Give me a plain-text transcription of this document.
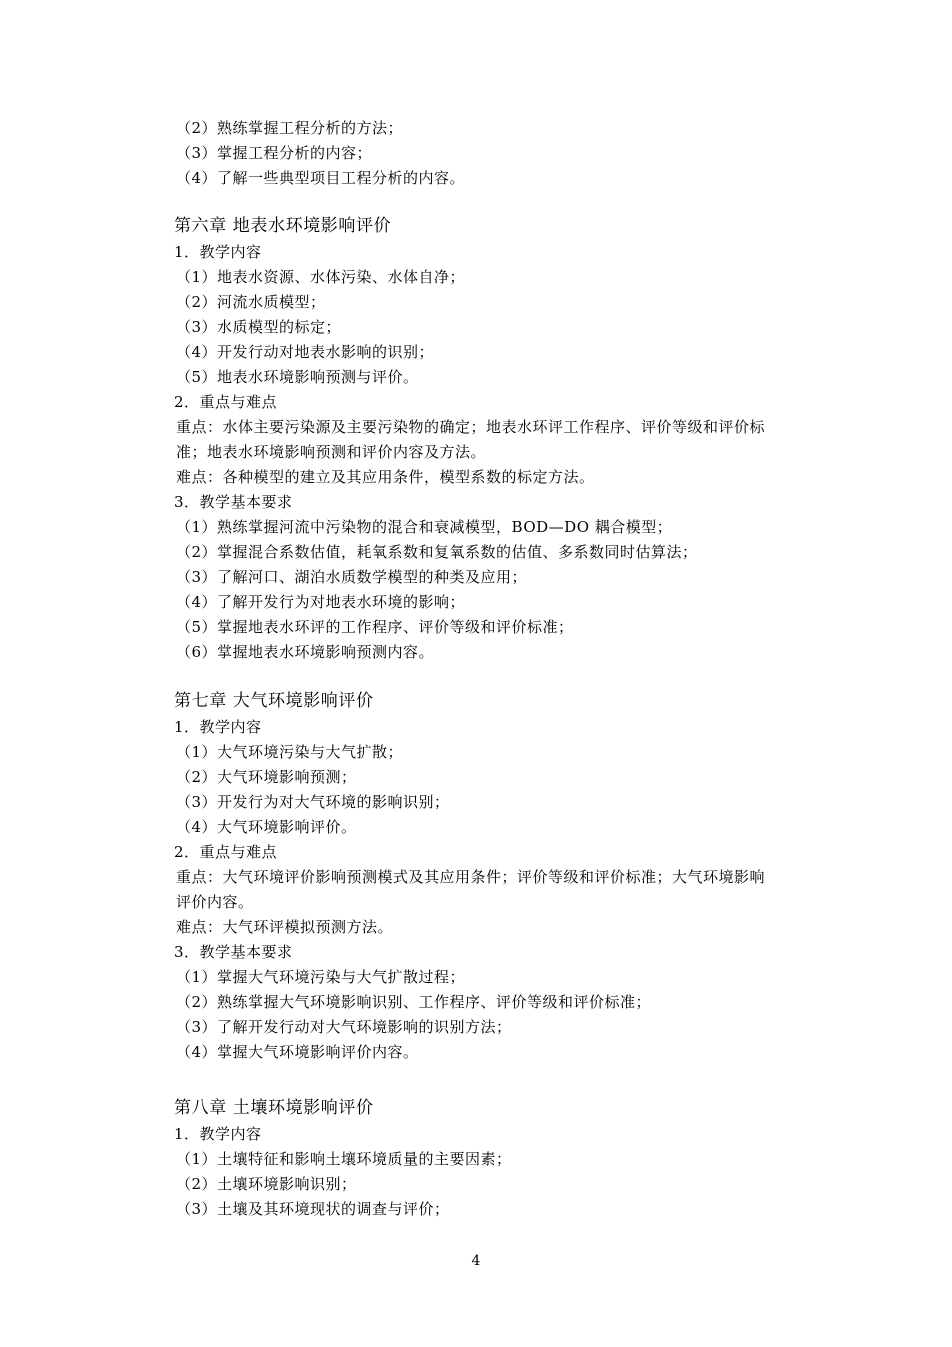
（2）熟练掌握工程分析的方法；
（3）掌握工程分析的内容；
（4）了解一些典型项目工程分析的内容。
第六章 地表水环境影响评价
1．教学内容
（1）地表水资源、水体污染、水体自净；
（2）河流水质模型；
（3）水质模型的标定；
（4）开发行动对地表水影响的识别；
（5）地表水环境影响预测与评价。
2．重点与难点
重点：水体主要污染源及主要污染物的确定；地表水环评工作程序、评价等级和评价标
准；地表水环境影响预测和评价内容及方法。
难点：各种模型的建立及其应用条件，模型系数的标定方法。
3．教学基本要求
（1）熟练掌握河流中污染物的混合和衰减模型，BOD—DO 耦合模型；
（2）掌握混合系数估值，耗氧系数和复氧系数的估值、多系数同时估算法；
（3）了解河口、湖泊水质数学模型的种类及应用；
（4）了解开发行为对地表水环境的影响；
（5）掌握地表水环评的工作程序、评价等级和评价标准；
（6）掌握地表水环境影响预测内容。
第七章 大气环境影响评价
1．教学内容
（1）大气环境污染与大气扩散；
（2）大气环境影响预测；
（3）开发行为对大气环境的影响识别；
（4）大气环境影响评价。
2．重点与难点
重点：大气环境评价影响预测模式及其应用条件；评价等级和评价标准；大气环境影响
评价内容。
难点：大气环评模拟预测方法。
3．教学基本要求
（1）掌握大气环境污染与大气扩散过程；
（2）熟练掌握大气环境影响识别、工作程序、评价等级和评价标准；
（3）了解开发行动对大气环境影响的识别方法；
（4）掌握大气环境影响评价内容。
第八章 土壤环境影响评价
1．教学内容
（1）土壤特征和影响土壤环境质量的主要因素；
（2）土壤环境影响识别；
（3）土壤及其环境现状的调查与评价；
4
